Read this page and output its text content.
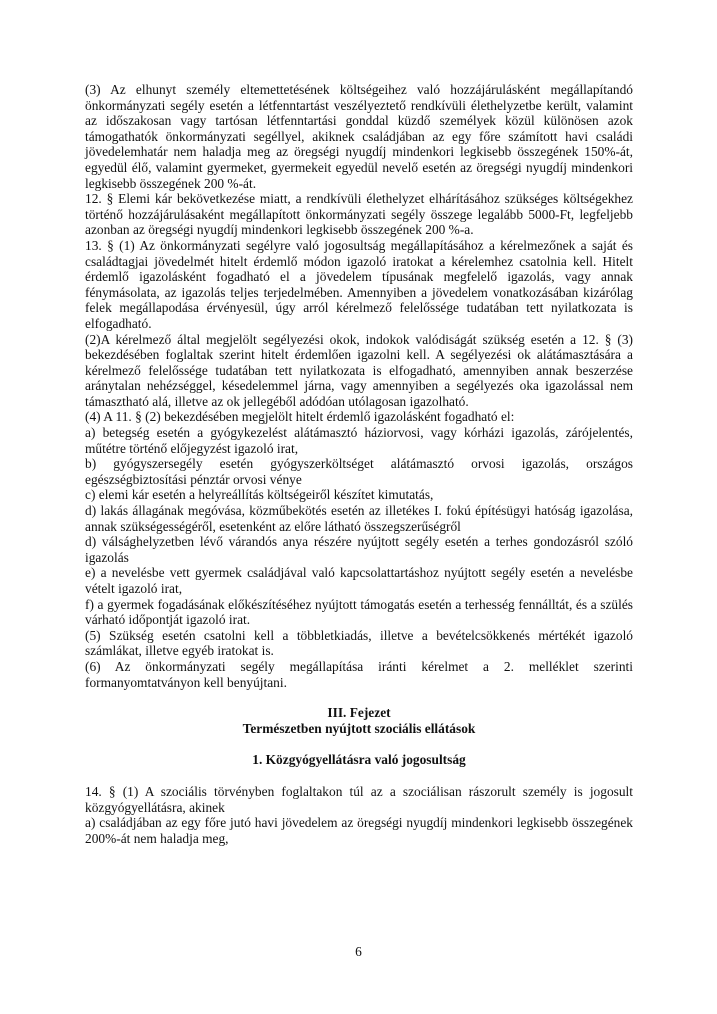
(3) Az elhunyt személy eltemettetésének költségeihez való hozzájárulásként megállapítandó önkormányzati segély esetén a létfenntartást veszélyeztető rendkívüli élethelyzetbe került, valamint az időszakosan vagy tartósan létfenntartási gonddal küzdő személyek közül különösen azok támogathatók önkormányzati segéllyel, akiknek családjában az egy főre számított havi családi jövedelemhatár nem haladja meg az öregségi nyugdíj mindenkori legkisebb összegének 150%-át, egyedül élő, valamint gyermeket, gyermekeit egyedül nevelő esetén az öregségi nyugdíj mindenkori legkisebb összegének 200 %-át.

12. § Elemi kár bekövetkezése miatt, a rendkívüli élethelyzet elhárításához szükséges költségekhez történő hozzájárulásaként megállapított önkormányzati segély összege legalább 5000-Ft, legfeljebb azonban az öregségi nyugdíj mindenkori legkisebb összegének 200 %-a.

13. § (1) Az önkormányzati segélyre való jogosultság megállapításához a kérelmezőnek a saját és családtagjai jövedelmét hitelt érdemlő módon igazoló iratokat a kérelemhez csatolnia kell. Hitelt érdemlő igazolásként fogadható el a jövedelem típusának megfelelő igazolás, vagy annak fénymásolata, az igazolás teljes terjedelmében. Amennyiben a jövedelem vonatkozásában kizárólag felek megállapodása érvényesül, úgy arról kérelmező felelőssége tudatában tett nyilatkozata is elfogadható.

(2)A kérelmező által megjelölt segélyezési okok, indokok valódiságát szükség esetén a 12. § (3) bekezdésében foglaltak szerint hitelt érdemlően igazolni kell. A segélyezési ok alátámasztására a kérelmező felelőssége tudatában tett nyilatkozata is elfogadható, amennyiben annak beszerzése aránytalan nehézséggel, késedelemmel járna, vagy amennyiben a segélyezés oka igazolással nem támasztható alá, illetve az ok jellegéből adódóan utólagosan igazolható.

(4) A 11. § (2) bekezdésében megjelölt hitelt érdemlő igazolásként fogadható el:

a) betegség esetén a gyógykezelést alátámasztó háziorvosi, vagy kórházi igazolás, zárójelentés, műtétre történő előjegyzést igazoló irat,

b) gyógyszersegély esetén gyógyszerköltséget alátámasztó orvosi igazolás, országos egészségbiztosítási pénztár orvosi vénye

c) elemi kár esetén a helyreállítás költségeiről készítet kimutatás,

d) lakás állagának megóvása, közműbekötés esetén az illetékes I. fokú építésügyi hatóság igazolása, annak szükségességéről, esetenként az előre látható összegszerűségről

d) válsághelyzetben lévő várandós anya részére nyújtott segély esetén a terhes gondozásról szóló igazolás

e) a nevelésbe vett gyermek családjával való kapcsolattartáshoz nyújtott segély esetén a nevelésbe vételt igazoló irat,

f) a gyermek fogadásának előkészítéséhez nyújtott támogatás esetén a terhesség fennálltát, és a szülés várható időpontját igazoló irat.

(5) Szükség esetén csatolni kell a többletkiadás, illetve a bevételcsökkenés mértékét igazoló számlákat, illetve egyéb iratokat is.

(6) Az önkormányzati segély megállapítása iránti kérelmet a 2. melléklet szerinti formanyomtatványon kell benyújtani.

III. Fejezet

Természetben nyújtott szociális ellátások

1. Közgyógyellátásra való jogosultság

14. § (1) A szociális törvényben foglaltakon túl az a szociálisan rászorult személy is jogosult közgyógyellátásra, akinek

a) családjában az egy főre jutó havi jövedelem az öregségi nyugdíj mindenkori legkisebb összegének 200%-át nem haladja meg,

6
